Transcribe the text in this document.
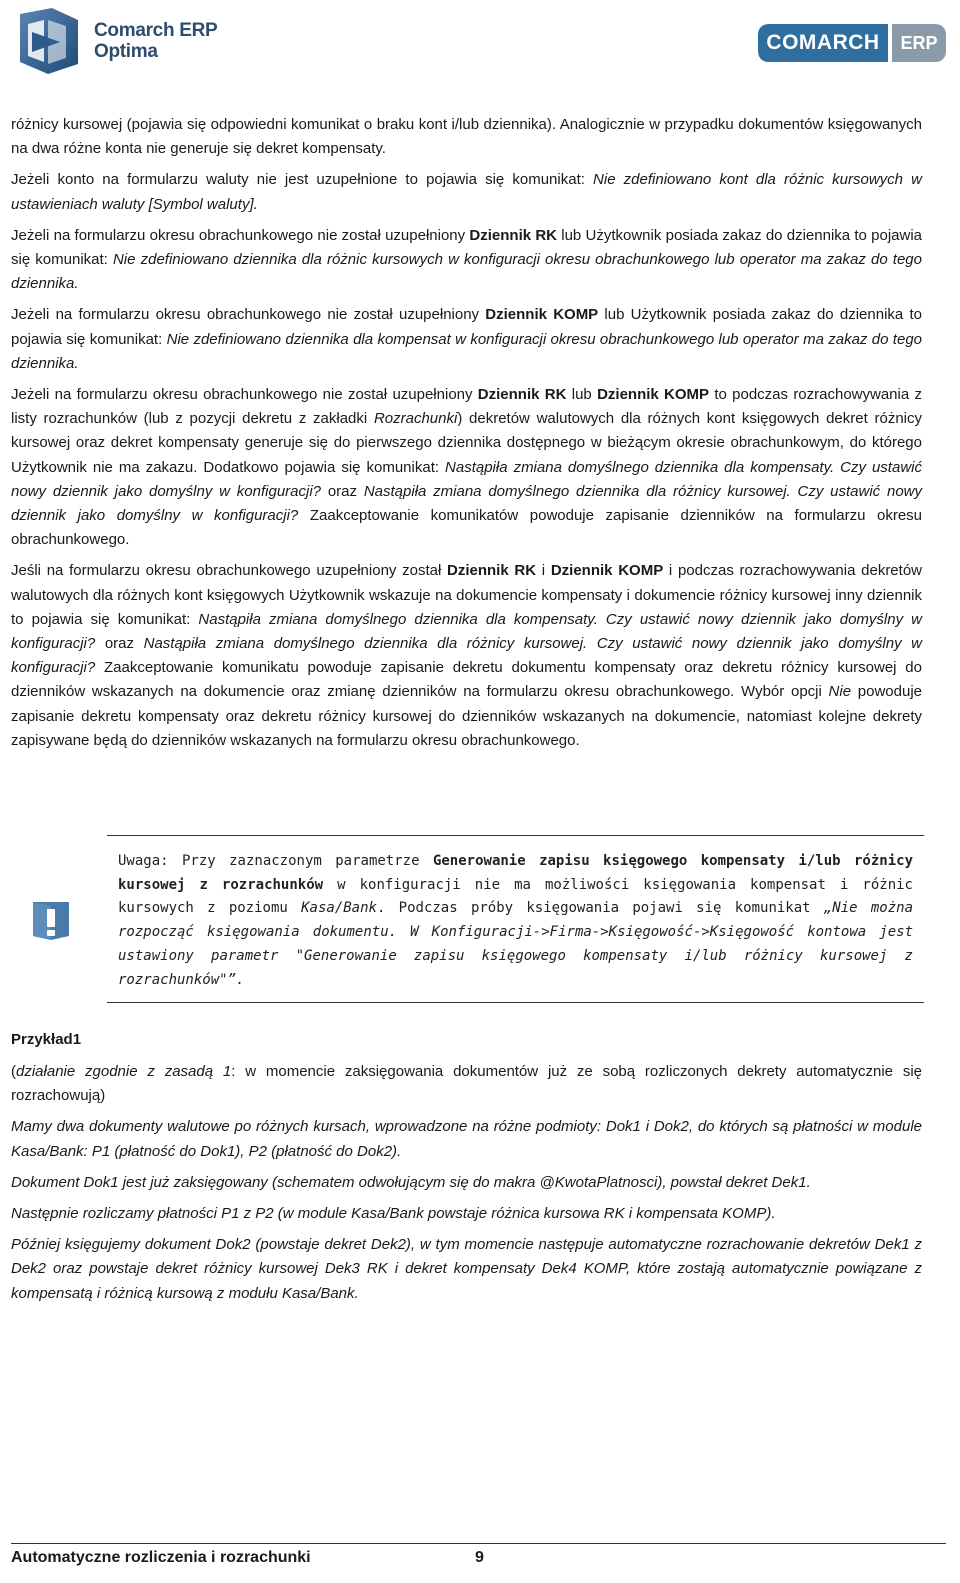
Comarch ERP
Optima	COMARCH	ERP

różnicy kursowej (pojawia się odpowiedni komunikat o braku kont i/lub dziennika). Analogicznie w przypadku dokumentów księgowanych na dwa różne konta nie generuje się dekret kompensaty.

Jeżeli konto na formularzu waluty nie jest uzupełnione to pojawia się komunikat: Nie zdefiniowano kont dla różnic kursowych w ustawieniach waluty [Symbol waluty].

Jeżeli na formularzu okresu obrachunkowego nie został uzupełniony Dziennik RK lub Użytkownik posiada zakaz do dziennika to pojawia się komunikat: Nie zdefiniowano dziennika dla różnic kursowych w konfiguracji okresu obrachunkowego lub operator ma zakaz do tego dziennika.

Jeżeli na formularzu okresu obrachunkowego nie został uzupełniony Dziennik KOMP lub Użytkownik posiada zakaz do dziennika to pojawia się komunikat: Nie zdefiniowano dziennika dla kompensat w konfiguracji okresu obrachunkowego lub operator ma zakaz do tego dziennika.

Jeżeli na formularzu okresu obrachunkowego nie został uzupełniony Dziennik RK lub Dziennik KOMP to podczas rozrachowywania z listy rozrachunków (lub z pozycji dekretu z zakładki Rozrachunki) dekretów walutowych dla różnych kont księgowych dekret różnicy kursowej oraz dekret kompensaty generuje się do pierwszego dziennika dostępnego w bieżącym okresie obrachunkowym, do którego Użytkownik nie ma zakazu. Dodatkowo pojawia się komunikat: Nastąpiła zmiana domyślnego dziennika dla kompensaty. Czy ustawić nowy dziennik jako domyślny w konfiguracji? oraz Nastąpiła zmiana domyślnego dziennika dla różnicy kursowej. Czy ustawić nowy dziennik jako domyślny w konfiguracji? Zaakceptowanie komunikatów powoduje zapisanie dzienników na formularzu okresu obrachunkowego.

Jeśli na formularzu okresu obrachunkowego uzupełniony został Dziennik RK i Dziennik KOMP i podczas rozrachowywania dekretów walutowych dla różnych kont księgowych Użytkownik wskazuje na dokumencie kompensaty i dokumencie różnicy kursowej inny dziennik to pojawia się komunikat: Nastąpiła zmiana domyślnego dziennika dla kompensaty. Czy ustawić nowy dziennik jako domyślny w konfiguracji? oraz Nastąpiła zmiana domyślnego dziennika dla różnicy kursowej. Czy ustawić nowy dziennik jako domyślny w konfiguracji? Zaakceptowanie komunikatu powoduje zapisanie dekretu dokumentu kompensaty oraz dekretu różnicy kursowej do dzienników wskazanych na dokumencie oraz zmianę dzienników na formularzu okresu obrachunkowego. Wybór opcji Nie powoduje zapisanie dekretu kompensaty oraz dekretu różnicy kursowej do dzienników wskazanych na dokumencie, natomiast kolejne dekrety zapisywane będą do dzienników wskazanych na formularzu okresu obrachunkowego.

Uwaga: Przy zaznaczonym parametrze Generowanie zapisu księgowego kompensaty i/lub różnicy kursowej z rozrachunków w konfiguracji nie ma możliwości księgowania kompensat i różnic kursowych z poziomu Kasa/Bank. Podczas próby księgowania pojawi się komunikat „Nie można rozpocząć księgowania dokumentu. W Konfiguracji->Firma->Księgowość->Księgowość kontowa jest ustawiony parametr "Generowanie zapisu księgowego kompensaty i/lub różnicy kursowej z rozrachunków"”.
Przykład1

(działanie zgodnie z zasadą 1: w momencie zaksięgowania dokumentów już ze sobą rozliczonych dekrety automatycznie się rozrachowują)

Mamy dwa dokumenty walutowe po różnych kursach, wprowadzone na różne podmioty: Dok1 i Dok2, do których są płatności w module Kasa/Bank: P1 (płatność do Dok1), P2 (płatność do Dok2).

Dokument Dok1 jest już zaksięgowany (schematem odwołującym się do makra @KwotaPlatnosci), powstał dekret Dek1.

Następnie rozliczamy płatności P1 z P2 (w module Kasa/Bank powstaje różnica kursowa RK i kompensata KOMP).

Później księgujemy dokument Dok2 (powstaje dekret Dek2), w tym momencie następuje automatyczne rozrachowanie dekretów Dek1 z Dek2 oraz powstaje dekret różnicy kursowej Dek3 RK i dekret kompensaty Dek4 KOMP, które zostają automatycznie powiązane z kompensatą i różnicą kursową z modułu Kasa/Bank.

Automatyczne rozliczenia i rozrachunki	9
